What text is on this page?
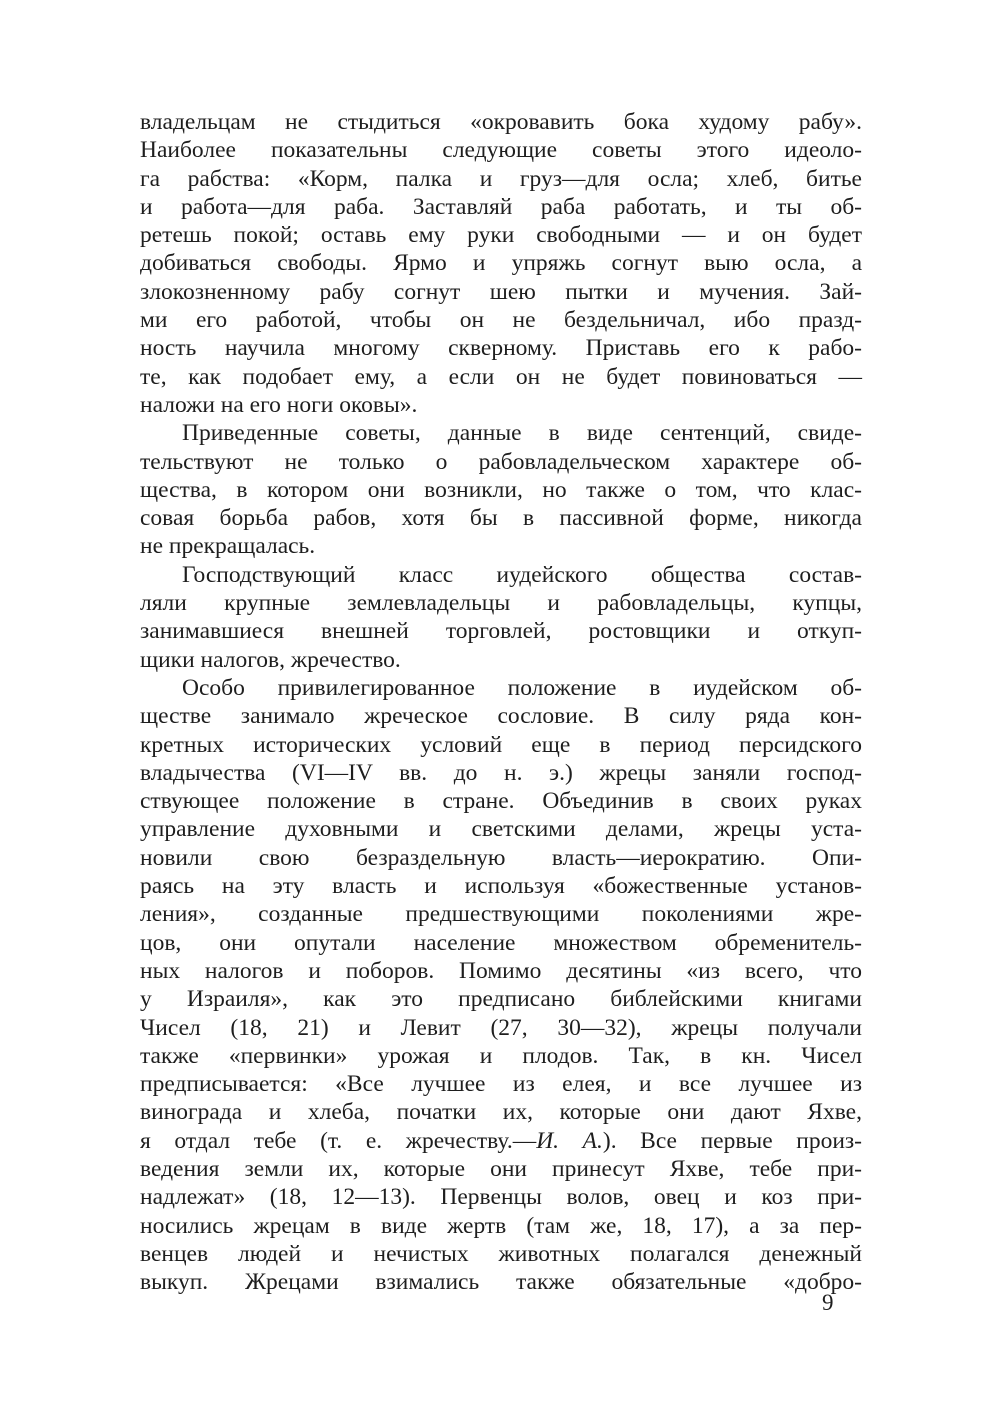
владельцам не стыдиться «окровавить бока худому рабу».
Наиболее показательны следующие советы этого идеоло-
га рабства: «Корм, палка и груз—для осла; хлеб, битье
и работа—для раба. Заставляй раба работать, и ты об-
ретешь покой; оставь ему руки свободными — и он будет
добиваться свободы. Ярмо и упряжь согнут выю осла, а
злокозненному рабу согнут шею пытки и мучения. Зай-
ми его работой, чтобы он не бездельничал, ибо празд-
ность научила многому скверному. Приставь его к рабо-
те, как подобает ему, а если он не будет повиноваться —
наложи на его ноги оковы».
Приведенные советы, данные в виде сентенций, свиде-
тельствуют не только о рабовладельческом характере об-
щества, в котором они возникли, но также о том, что клас-
совая борьба рабов, хотя бы в пассивной форме, никогда
не прекращалась.
Господствующий класс иудейского общества состав-
ляли крупные землевладельцы и рабовладельцы, купцы,
занимавшиеся внешней торговлей, ростовщики и откуп-
щики налогов, жречество.
Особо привилегированное положение в иудейском об-
ществе занимало жреческое сословие. В силу ряда кон-
кретных исторических условий еще в период персидского
владычества (VI—IV вв. до н. э.) жрецы заняли господ-
ствующее положение в стране. Объединив в своих руках
управление духовными и светскими делами, жрецы уста-
новили свою безраздельную власть—иерократию. Опи-
раясь на эту власть и используя «божественные установ-
ления», созданные предшествующими поколениями жре-
цов, они опутали население множеством обременитель-
ных налогов и поборов. Помимо десятины «из всего, что
у Израиля», как это предписано библейскими книгами
Чисел (18, 21) и Левит (27, 30—32), жрецы получали
также «первинки» урожая и плодов. Так, в кн. Чисел
предписывается: «Все лучшее из елея, и все лучшее из
винограда и хлеба, початки их, которые они дают Яхве,
я отдал тебе (т. е. жречеству.—И. А.). Все первые произ-
ведения земли их, которые они принесут Яхве, тебе при-
надлежат» (18, 12—13). Первенцы волов, овец и коз при-
носились жрецам в виде жертв (там же, 18, 17), а за пер-
венцев людей и нечистых животных полагался денежный
выкуп. Жрецами взимались также обязательные «добро-
9
